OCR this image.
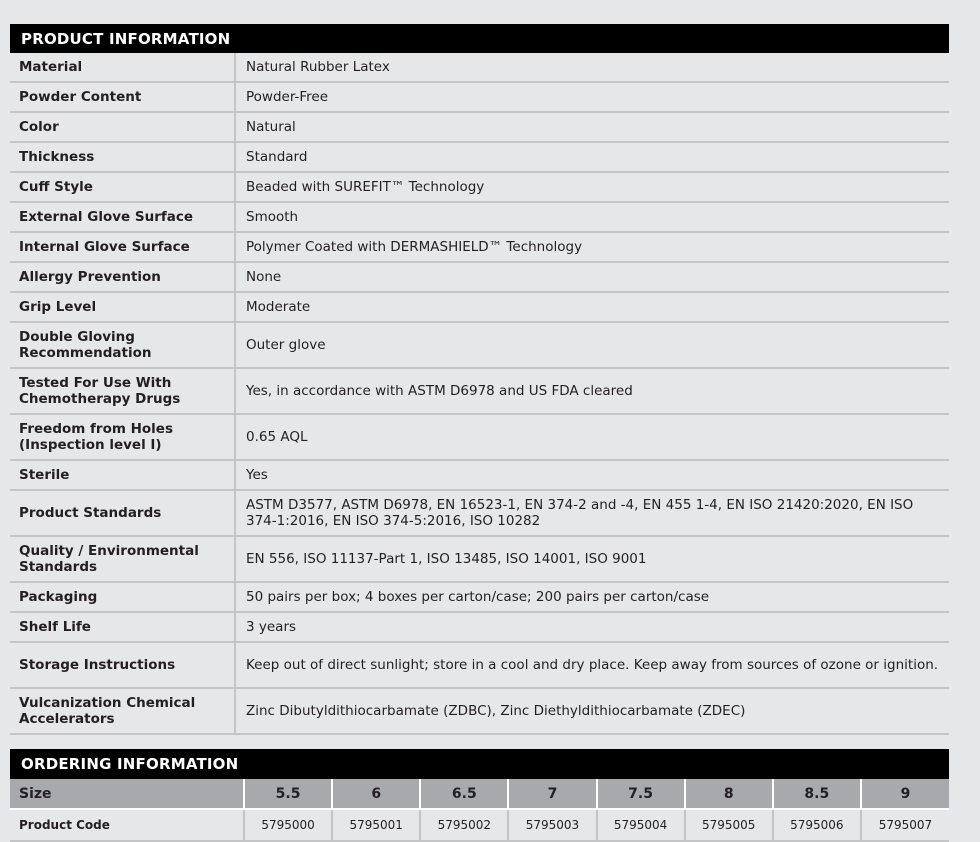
PRODUCT INFORMATION
Material	Natural Rubber Latex
Powder Content	Powder-Free
Color	Natural
Thickness	Standard
Cuff Style	Beaded with SUREFIT™ Technology
External Glove Surface	Smooth
Internal Glove Surface	Polymer Coated with DERMASHIELD™ Technology
Allergy Prevention	None
Grip Level	Moderate
Double Gloving Recommendation	Outer glove
Tested For Use With Chemotherapy Drugs	Yes, in accordance with ASTM D6978 and US FDA cleared
Freedom from Holes (Inspection level I)	0.65 AQL
Sterile	Yes
Product Standards	ASTM D3577, ASTM D6978, EN 16523-1, EN 374-2 and -4, EN 455 1-4, EN ISO 21420:2020, EN ISO 374-1:2016, EN ISO 374-5:2016, ISO 10282
Quality / Environmental Standards	EN 556, ISO 11137-Part 1, ISO 13485, ISO 14001, ISO 9001
Packaging	50 pairs per box; 4 boxes per carton/case; 200 pairs per carton/case
Shelf Life	3 years
Storage Instructions	Keep out of direct sunlight; store in a cool and dry place. Keep away from sources of ozone or ignition.
Vulcanization Chemical Accelerators	Zinc Dibutyldithiocarbamate (ZDBC), Zinc Diethyldithiocarbamate (ZDEC)
ORDERING INFORMATION
Size	5.5	6	6.5	7	7.5	8	8.5	9
Product Code	5795000	5795001	5795002	5795003	5795004	5795005	5795006	5795007
